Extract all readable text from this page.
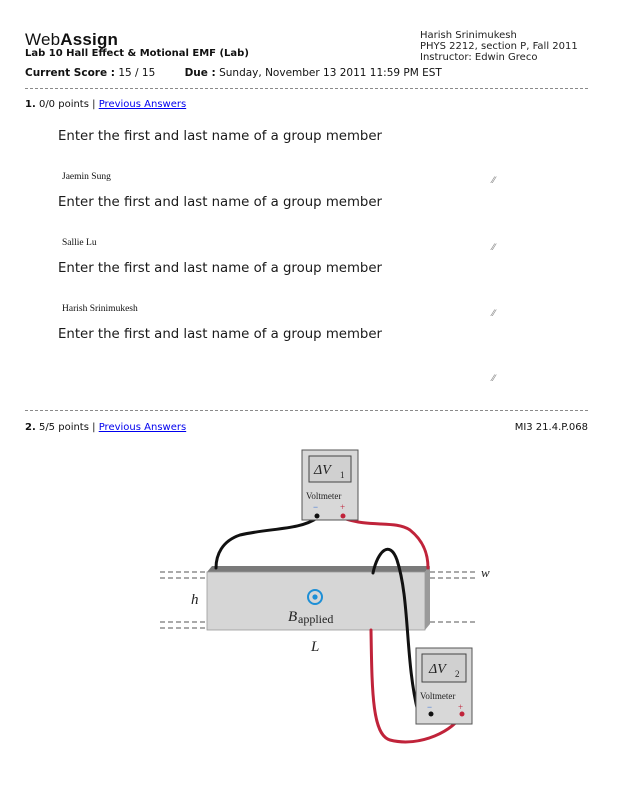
WebAssign
Lab 10 Hall Effect & Motional EMF (Lab)
Current Score : 15 / 15	Due : Sunday, November 13 2011 11:59 PM EST
Harish Srinimukesh
PHYS 2212, section P, Fall 2011
Instructor: Edwin Greco
1. 0/0 points | Previous Answers
Enter the first and last name of a group member
Jaemin Sung
⁄⁄
Enter the first and last name of a group member
Sallie Lu
⁄⁄
Enter the first and last name of a group member
Harish Srinimukesh
⁄⁄
Enter the first and last name of a group member
⁄⁄
2. 5/5 points | Previous Answers	MI3 21.4.P.068
B applied
h
w
L
ΔV 1
Voltmeter
− +
ΔV 2
Voltmeter
−	+
